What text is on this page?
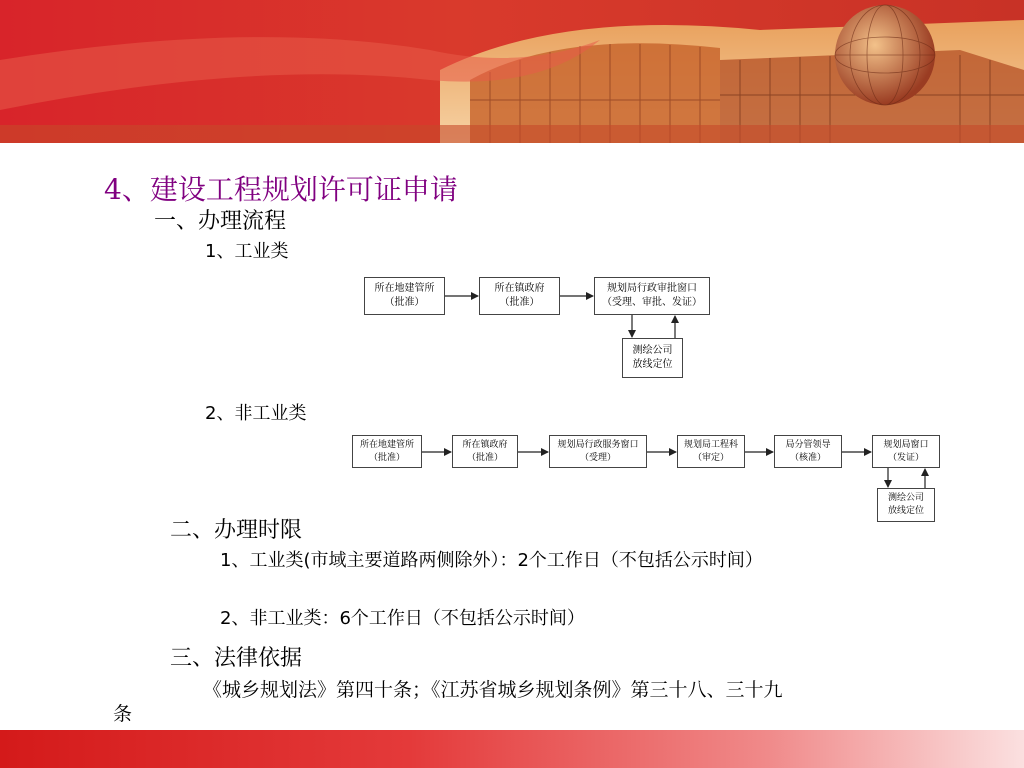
4、建设工程规划许可证申请
一、办理流程
1、工业类
所在地建管所
（批准）
所在镇政府
（批准）
规划局行政审批窗口
（受理、审批、发证）
测绘公司
放线定位
2、非工业类
所在地建管所
（批准）
所在镇政府
（批准）
规划局行政服务窗口
（受理）
规划局工程科
（审定）
局分管领导
（核准）
规划局窗口
（发证）
测绘公司
放线定位
二、办理时限
1、工业类(市域主要道路两侧除外）：2个工作日（不包括公示时间）
2、非工业类：6个工作日（不包括公示时间）
三、法律依据
《城乡规划法》第四十条；《江苏省城乡规划条例》第三十八、三十九
条
